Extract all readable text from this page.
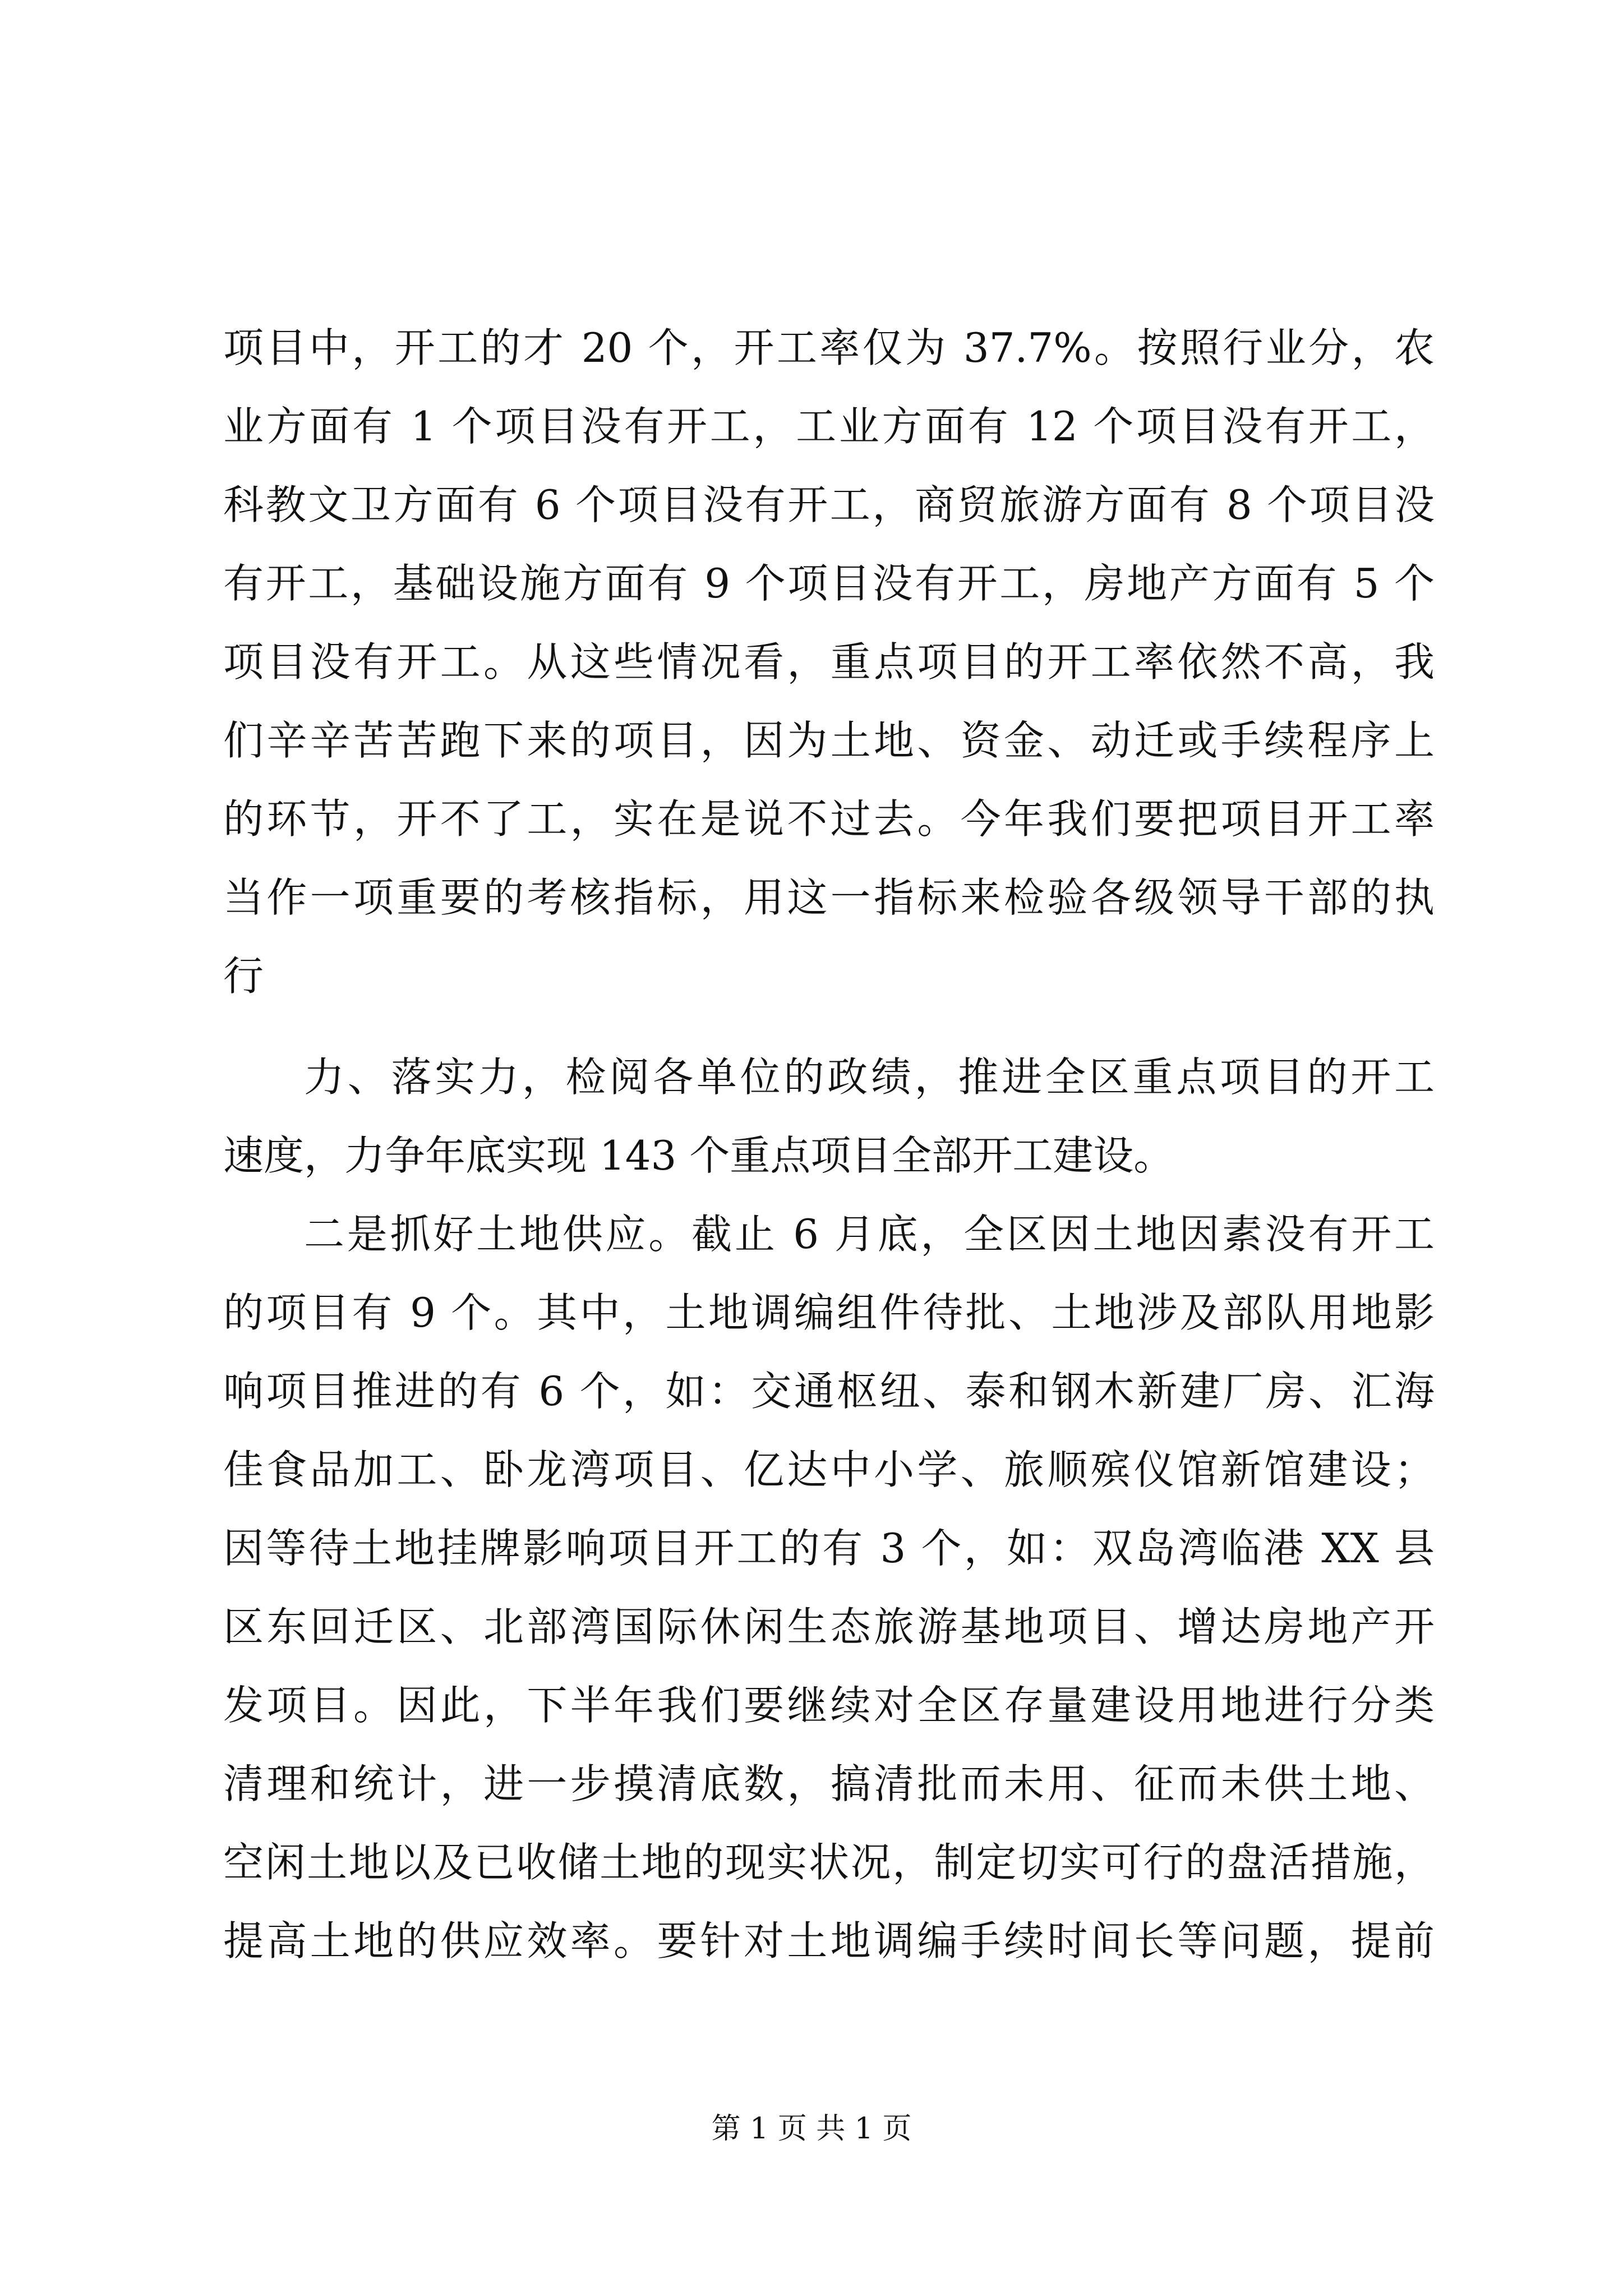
项目中，开工的才 20 个，开工率仅为 37.7%。按照行业分，农
业方面有 1 个项目没有开工，工业方面有 12 个项目没有开工，
科教文卫方面有 6 个项目没有开工，商贸旅游方面有 8 个项目没
有开工，基础设施方面有 9 个项目没有开工，房地产方面有 5 个
项目没有开工。从这些情况看，重点项目的开工率依然不高，我
们辛辛苦苦跑下来的项目，因为土地、资金、动迁或手续程序上
的环节，开不了工，实在是说不过去。今年我们要把项目开工率
当作一项重要的考核指标，用这一指标来检验各级领导干部的执
行
力、落实力，检阅各单位的政绩，推进全区重点项目的开工
速度，力争年底实现 143 个重点项目全部开工建设。
二是抓好土地供应。截止 6 月底，全区因土地因素没有开工
的项目有 9 个。其中，土地调编组件待批、土地涉及部队用地影
响项目推进的有 6 个，如：交通枢纽、泰和钢木新建厂房、汇海
佳食品加工、卧龙湾项目、亿达中小学、旅顺殡仪馆新馆建设；
因等待土地挂牌影响项目开工的有 3 个，如：双岛湾临港 XX 县
区东回迁区、北部湾国际休闲生态旅游基地项目、增达房地产开
发项目。因此，下半年我们要继续对全区存量建设用地进行分类
清理和统计，进一步摸清底数，搞清批而未用、征而未供土地、
空闲土地以及已收储土地的现实状况，制定切实可行的盘活措施，
提高土地的供应效率。要针对土地调编手续时间长等问题，提前
第 1 页 共 1 页
